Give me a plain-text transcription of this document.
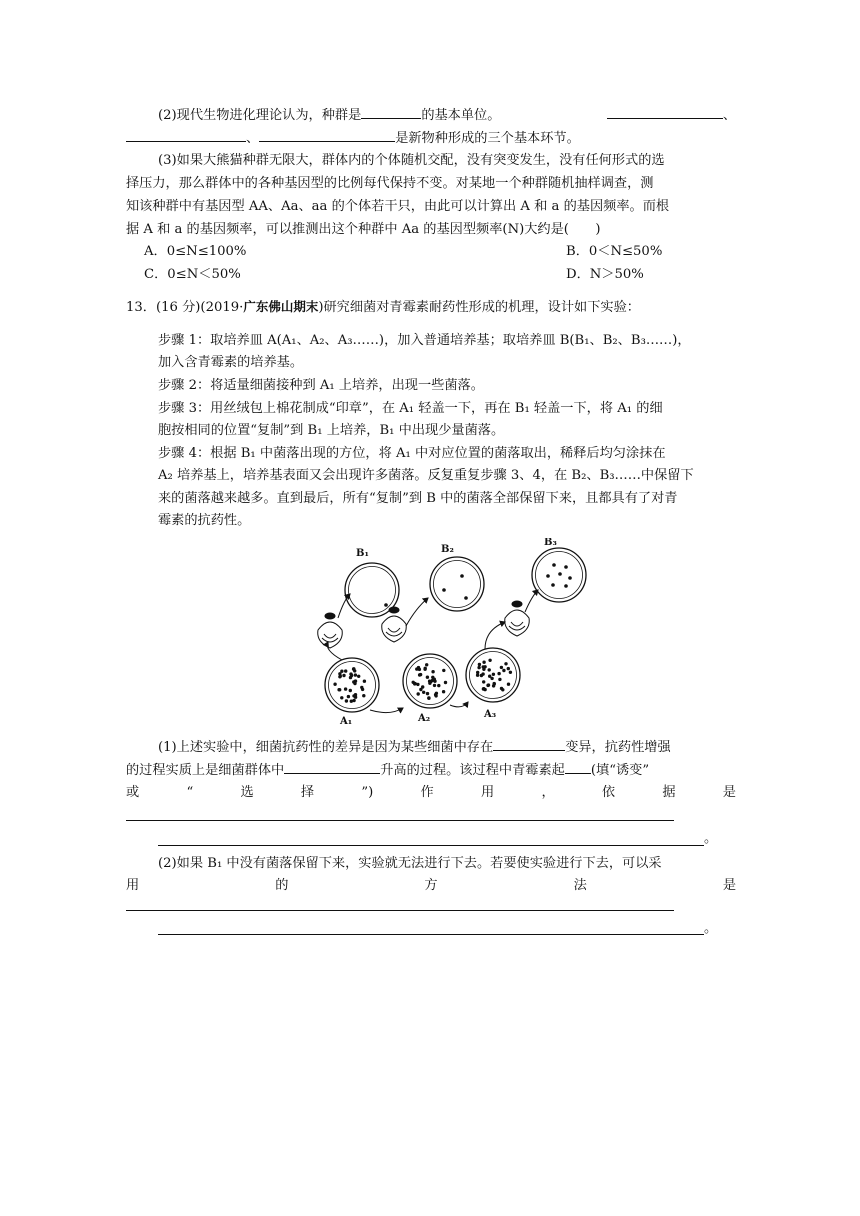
(2)现代生物进化理论认为，种群是	的基本单位。	、
、	是新物种形成的三个基本环节。
(3)如果大熊猫种群无限大，群体内的个体随机交配，没有突变发生，没有任何形式的选
择压力，那么群体中的各种基因型的比例每代保持不变。对某地一个种群随机抽样调查，测
知该种群中有基因型 AA、Aa、aa 的个体若干只，由此可以计算出 A 和 a 的基因频率。而根
据 A 和 a 的基因频率，可以推测出这个种群中 Aa 的基因型频率(N)大约是(　　)
A．0≤N≤100%	B．0＜N≤50%
C．0≤N＜50%	D．N＞50%
13．(16 分)(2019·广东佛山期末)研究细菌对青霉素耐药性形成的机理，设计如下实验：
步骤 1：取培养皿 A(A₁、A₂、A₃……)，加入普通培养基；取培养皿 B(B₁、B₂、B₃……)，
加入含青霉素的培养基。
步骤 2：将适量细菌接种到 A₁ 上培养，出现一些菌落。
步骤 3：用丝绒包上棉花制成“印章”，在 A₁ 轻盖一下，再在 B₁ 轻盖一下，将 A₁ 的细
胞按相同的位置“复制”到 B₁ 上培养，B₁ 中出现少量菌落。
步骤 4：根据 B₁ 中菌落出现的方位，将 A₁ 中对应位置的菌落取出，稀释后均匀涂抹在
A₂ 培养基上，培养基表面又会出现许多菌落。反复重复步骤 3、4，在 B₂、B₃……中保留下
来的菌落越来越多。直到最后，所有“复制”到 B 中的菌落全部保留下来，且都具有了对青
霉素的抗药性。
B₁	B₂
B₃
A₁	A₂	A₃
(1)上述实验中，细菌抗药性的差异是因为某些细菌中存在	变异，抗药性增强
的过程实质上是细菌群体中	升高的过程。该过程中青霉素起 (填“诱变”
或	“	选	择	”)	作	用	，	依	据	是
。
(2)如果 B₁ 中没有菌落保留下来，实验就无法进行下去。若要使实验进行下去，可以采
用	的	方	法	是
。
